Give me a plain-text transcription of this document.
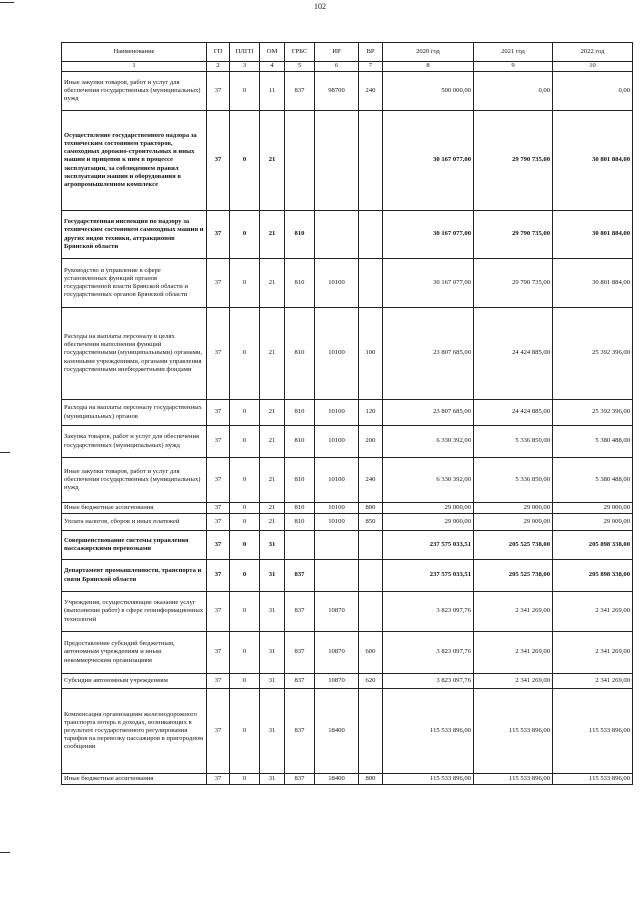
102
Наименование	ГП	ПЛГП	ОМ	ГРБС	ИР	ВР	2020 год	2021 год	2022 год
1	2	3	4	5	6	7	8	9	10
Иные закупки товаров, работ и услуг для обеспечения государственных (муниципальных) нужд	37	0	11	837	98700	240	500 000,00	0,00	0,00
Осуществление государственного надзора за техническим состоянием тракторов, самоходных дорожно-строительных и иных машин и прицепов к ним в процессе эксплуатации, за соблюдением правил эксплуатации машин и оборудования в агропромышленном комплексе	37	0	21				30 167 077,00	29 790 735,00	30 801 884,00
Государственная инспекция по надзору за техническим состоянием самоходных машин и других видов техники, аттракционов Брянской области	37	0	21	810			30 167 077,00	29 790 735,00	30 801 884,00
Руководство и управление в сфере установленных функций органов государственной власти Брянской области и государственных органов Брянской области	37	0	21	810	10100		30 167 077,00	29 790 735,00	30 801 884,00
Расходы на выплаты персоналу в целях обеспечения выполнения функций государственными (муниципальными) органами, казенными учреждениями, органами управления государственными внебюджетными фондами	37	0	21	810	10100	100	23 807 685,00	24 424 885,00	25 392 396,00
Расходы на выплаты персоналу государственных (муниципальных) органов	37	0	21	810	10100	120	23 807 685,00	24 424 885,00	25 392 396,00
Закупка товаров, работ и услуг для обеспечения государственных (муниципальных) нужд	37	0	21	810	10100	200	6 330 392,00	5 336 850,00	5 380 488,00
Иные закупки товаров, работ и услуг для обеспечения государственных (муниципальных) нужд	37	0	21	810	10100	240	6 330 392,00	5 336 850,00	5 380 488,00
Иные бюджетные ассигнования	37	0	21	810	10100	800	29 000,00	29 000,00	29 000,00
Уплата налогов, сборов и иных платежей	37	0	21	810	10100	850	29 000,00	29 000,00	29 000,00
Совершенствование системы управления пассажирскими перевозками	37	0	31				237 575 033,51	205 525 738,00	205 898 338,00
Департамент промышленности, транспорта и связи Брянской области	37	0	31	837			237 575 033,51	205 525 738,00	205 898 338,00
Учреждения, осуществляющие оказание услуг (выполнение работ) в сфере геоинформационных технологий	37	0	31	837	10870		3 823 097,76	2 341 269,00	2 341 269,00
Предоставление субсидий бюджетным, автономным учреждениям и иным некоммерческим организациям	37	0	31	837	10870	600	3 823 097,76	2 341 269,00	2 341 269,00
Субсидии автономным учреждениям	37	0	31	837	10870	620	3 823 097,76	2 341 269,00	2 341 269,00
Компенсация организациям железнодорожного транспорта потерь в доходах, возникающих в результате государственного регулирования тарифов на перевозку пассажиров в пригородном сообщении	37	0	31	837	18400		115 533 896,00	115 533 896,00	115 533 896,00
Иные бюджетные ассигнования	37	0	31	837	18400	800	115 533 896,00	115 533 896,00	115 533 896,00
